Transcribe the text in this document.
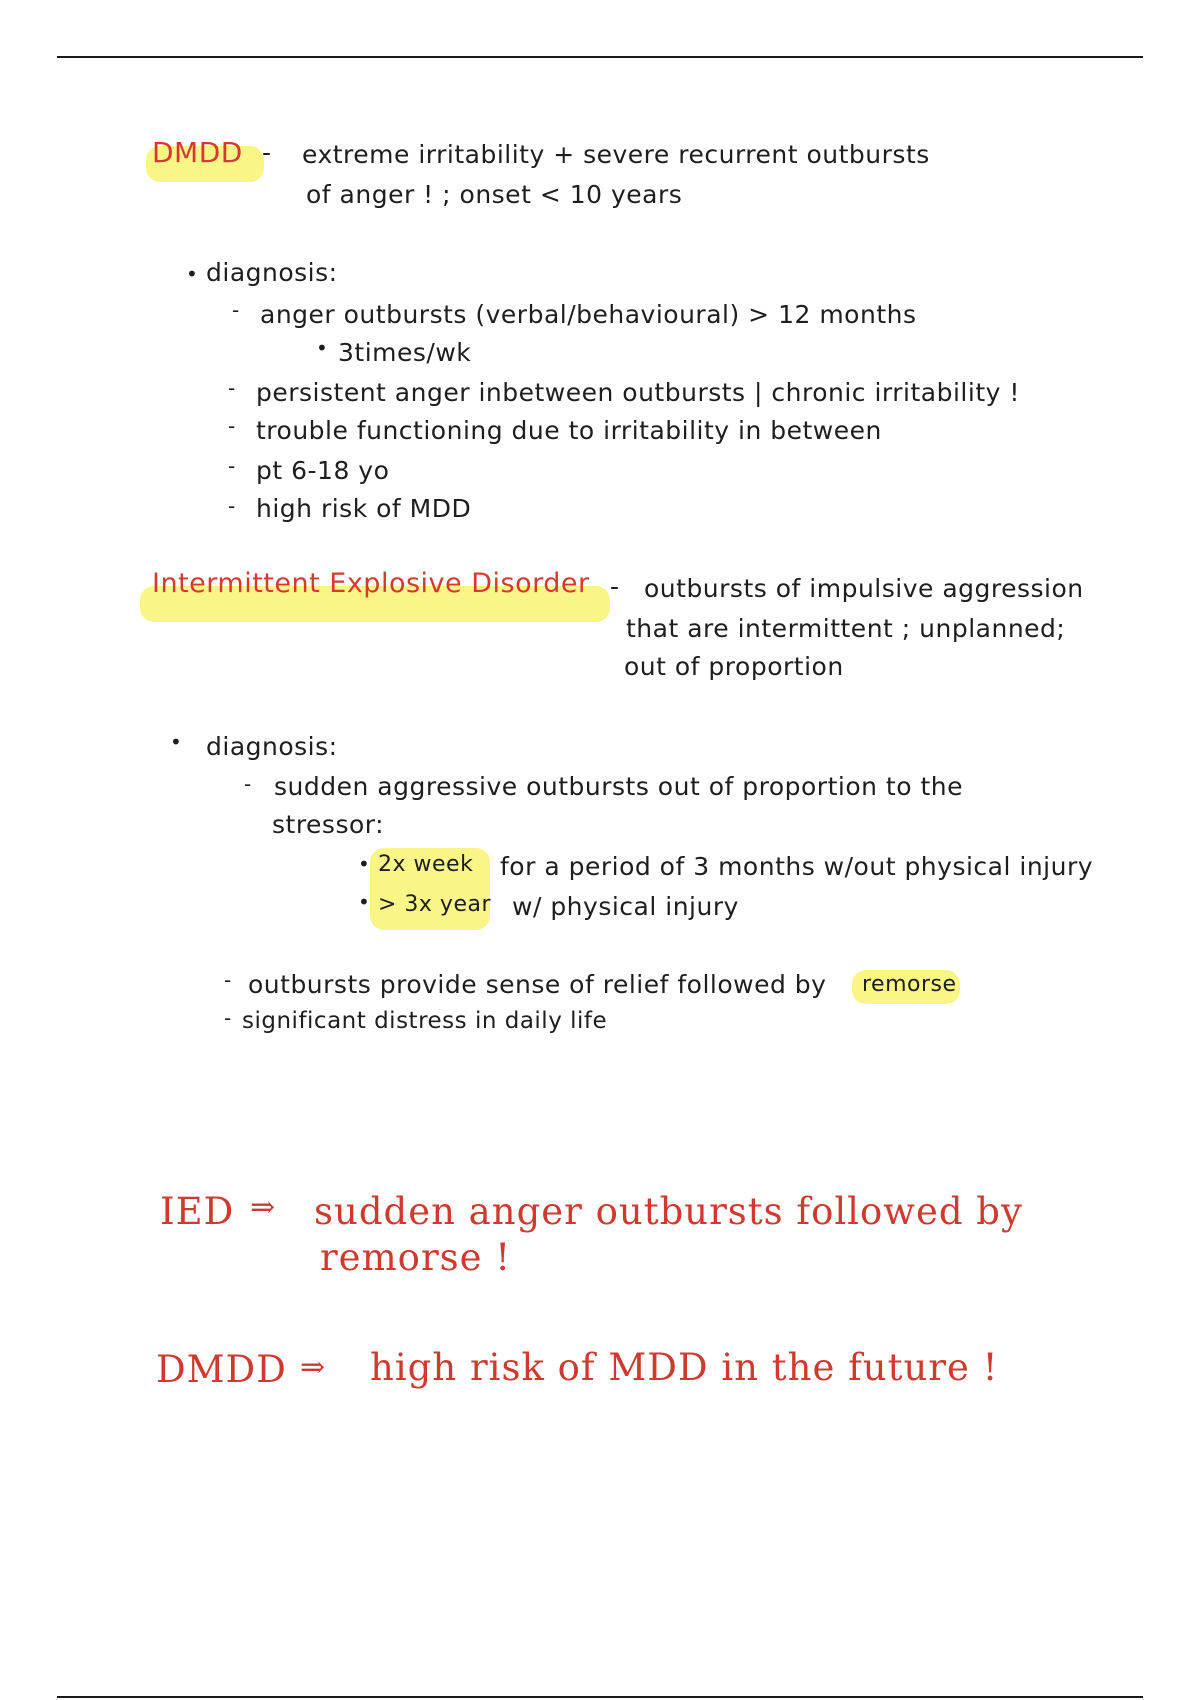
DMDD - extreme irritability + severe recurrent outbursts
of anger ! ; onset < 10 years
• diagnosis:
- anger outbursts (verbal/behavioural) > 12 months
• 3times/wk
- persistent anger inbetween outbursts | chronic irritability !
- trouble functioning due to irritability in between
- pt 6-18 yo
- high risk of MDD
Intermittent Explosive Disorder - outbursts of impulsive aggression
that are intermittent ; unplanned;
out of proportion
• diagnosis:
- sudden aggressive outbursts out of proportion to the
stressor:
• 2x week for a period of 3 months w/out physical injury
• > 3x year w/ physical injury
- outbursts provide sense of relief followed by remorse
- significant distress in daily life
IED ⇒ sudden anger outbursts followed by
remorse !
DMDD ⇒ high risk of MDD in the future !
